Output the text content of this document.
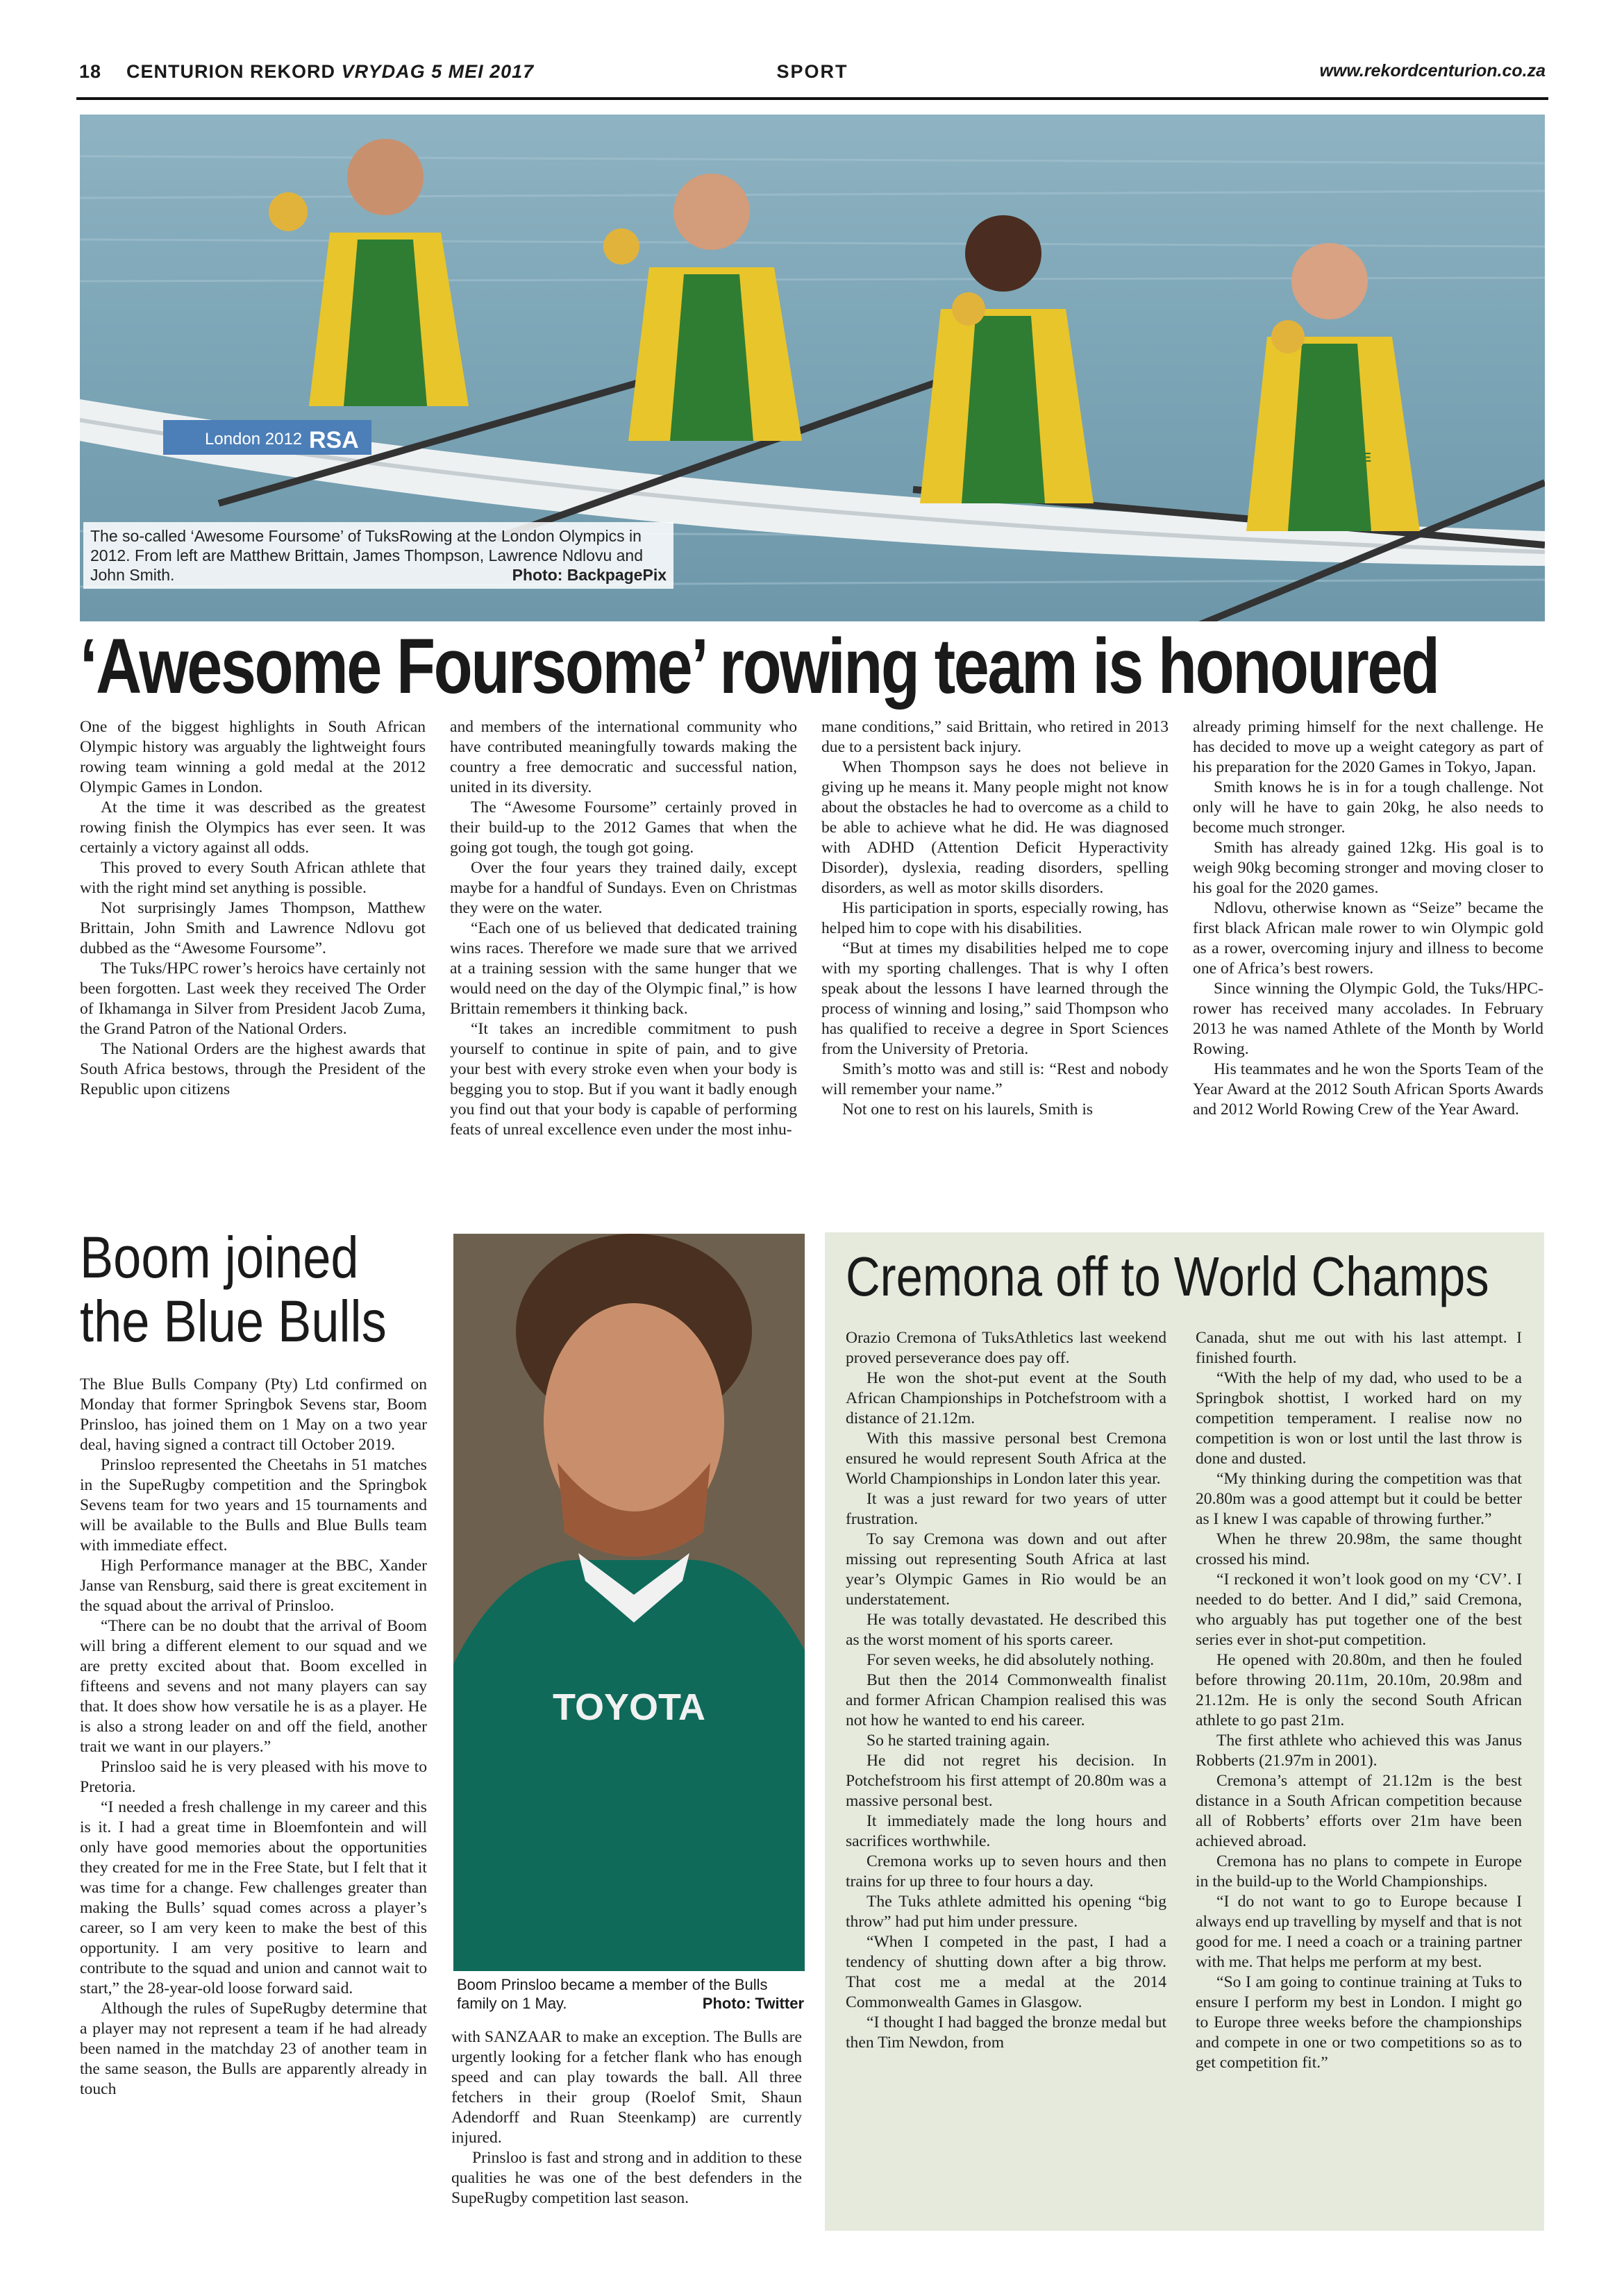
18 CENTURION REKORD VRYDAG 5 MEI 2017	SPORT	www.rekordcenturion.co.za
London 2012 RSA
ERKE
ERKE
ERKE
ERKE
The so-called ‘Awesome Foursome’ of TuksRowing at the London Olympics in 2012. From left are Matthew Brittain, James Thompson, Lawrence Ndlovu and John Smith.	Photo: BackpagePix
‘Awesome Foursome’ rowing team is honoured

One of the biggest highlights in South African Olympic history was arguably the lightweight fours rowing team winning a gold medal at the 2012 Olympic Games in London.

At the time it was described as the greatest rowing finish the Olympics has ever seen. It was certainly a victory against all odds.

This proved to every South African athlete that with the right mind set anything is possible.

Not surprisingly James Thompson, Matthew Brittain, John Smith and Lawrence Ndlovu got dubbed as the “Awesome Foursome”.

The Tuks/HPC rower’s heroics have certainly not been forgotten. Last week they received The Order of Ikhamanga in Silver from President Jacob Zuma, the Grand Patron of the National Orders.

The National Orders are the highest awards that South Africa bestows, through the President of the Republic upon citizens

and members of the international community who have contributed meaningfully towards making the country a free democratic and successful nation, united in its diversity.

The “Awesome Foursome” certainly proved in their build-up to the 2012 Games that when the going got tough, the tough got going.

Over the four years they trained daily, except maybe for a handful of Sundays. Even on Christmas they were on the water.

“Each one of us believed that dedicated training wins races. Therefore we made sure that we arrived at a training session with the same hunger that we would need on the day of the Olympic final,” is how Brittain remembers it thinking back.

“It takes an incredible commitment to push yourself to continue in spite of pain, and to give your best with every stroke even when your body is begging you to stop. But if you want it badly enough you find out that your body is capable of performing feats of unreal excellence even under the most inhu-

mane conditions,” said Brittain, who retired in 2013 due to a persistent back injury.

When Thompson says he does not believe in giving up he means it. Many people might not know about the obstacles he had to overcome as a child to be able to achieve what he did. He was diagnosed with ADHD (Attention Deficit Hyperactivity Disorder), dyslexia, reading disorders, spelling disorders, as well as motor skills disorders.

His participation in sports, especially rowing, has helped him to cope with his disabilities.

“But at times my disabilities helped me to cope with my sporting challenges. That is why I often speak about the lessons I have learned through the process of winning and losing,” said Thompson who has qualified to receive a degree in Sport Sciences from the University of Pretoria.

Smith’s motto was and still is: “Rest and nobody will remember your name.”

Not one to rest on his laurels, Smith is

already priming himself for the next challenge. He has decided to move up a weight category as part of his preparation for the 2020 Games in Tokyo, Japan.

Smith knows he is in for a tough challenge. Not only will he have to gain 20kg, he also needs to become much stronger.

Smith has already gained 12kg. His goal is to weigh 90kg becoming stronger and moving closer to his goal for the 2020 games.

Ndlovu, otherwise known as “Seize” became the first black African male rower to win Olympic gold as a rower, overcoming injury and illness to become one of Africa’s best rowers.

Since winning the Olympic Gold, the Tuks/HPC-rower has received many accolades. In February 2013 he was named Athlete of the Month by World Rowing.

His teammates and he won the Sports Team of the Year Award at the 2012 South African Sports Awards and 2012 World Rowing Crew of the Year Award.

Boom joined
the Blue Bulls
TOYOTA
Boom Prinsloo became a member of the Bulls family on 1 May.	Photo: Twitter

The Blue Bulls Company (Pty) Ltd confirmed on Monday that former Springbok Sevens star, Boom Prinsloo, has joined them on 1 May on a two year deal, having signed a contract till October 2019.

Prinsloo represented the Cheetahs in 51 matches in the SupeRugby competition and the Springbok Sevens team for two years and 15 tournaments and will be available to the Bulls and Blue Bulls team with immediate effect.

High Performance manager at the BBC, Xander Janse van Rensburg, said there is great excitement in the squad about the arrival of Prinsloo.

“There can be no doubt that the arrival of Boom will bring a different element to our squad and we are pretty excited about that. Boom excelled in fifteens and sevens and not many players can say that. It does show how versatile he is as a player. He is also a strong leader on and off the field, another trait we want in our players.”

Prinsloo said he is very pleased with his move to Pretoria.

“I needed a fresh challenge in my career and this is it. I had a great time in Bloemfontein and will only have good memories about the opportunities they created for me in the Free State, but I felt that it was time for a change. Few challenges greater than making the Bulls’ squad comes across a player’s career, so I am very keen to make the best of this opportunity. I am very positive to learn and contribute to the squad and union and cannot wait to start,” the 28-year-old loose forward said.

Although the rules of SupeRugby determine that a player may not represent a team if he had already been named in the matchday 23 of another team in the same season, the Bulls are apparently already in touch

with SANZAAR to make an exception. The Bulls are urgently looking for a fetcher flank who has enough speed and can play towards the ball. All three fetchers in their group (Roelof Smit, Shaun Adendorff and Ruan Steenkamp) are currently injured.

Prinsloo is fast and strong and in addition to these qualities he was one of the best defenders in the SupeRugby competition last season.

Cremona off to World Champs

Orazio Cremona of TuksAthletics last weekend proved perseverance does pay off.

He won the shot-put event at the South African Championships in Potchefstroom with a distance of 21.12m.

With this massive personal best Cremona ensured he would represent South Africa at the World Championships in London later this year.

It was a just reward for two years of utter frustration.

To say Cremona was down and out after missing out representing South Africa at last year’s Olympic Games in Rio would be an understatement.

He was totally devastated. He described this as the worst moment of his sports career.

For seven weeks, he did absolutely nothing.

But then the 2014 Commonwealth finalist and former African Champion realised this was not how he wanted to end his career.

So he started training again.

He did not regret his decision. In Potchefstroom his first attempt of 20.80m was a massive personal best.

It immediately made the long hours and sacrifices worthwhile.

Cremona works up to seven hours and then trains for up three to four hours a day.

The Tuks athlete admitted his opening “big throw” had put him under pressure.

“When I competed in the past, I had a tendency of shutting down after a big throw. That cost me a medal at the 2014 Commonwealth Games in Glasgow.

“I thought I had bagged the bronze medal but then Tim Newdon, from

Canada, shut me out with his last attempt. I finished fourth.

“With the help of my dad, who used to be a Springbok shottist, I worked hard on my competition temperament. I realise now no competition is won or lost until the last throw is done and dusted.

“My thinking during the competition was that 20.80m was a good attempt but it could be better as I knew I was capable of throwing further.”

When he threw 20.98m, the same thought crossed his mind.

“I reckoned it won’t look good on my ‘CV’. I needed to do better. And I did,” said Cremona, who arguably has put together one of the best series ever in shot-put competition.

He opened with 20.80m, and then he fouled before throwing 20.11m, 20.10m, 20.98m and 21.12m. He is only the second South African athlete to go past 21m.

The first athlete who achieved this was Janus Robberts (21.97m in 2001).

Cremona’s attempt of 21.12m is the best distance in a South African competition because all of Robberts’ efforts over 21m have been achieved abroad.

Cremona has no plans to compete in Europe in the build-up to the World Championships.

“I do not want to go to Europe because I always end up travelling by myself and that is not good for me. I need a coach or a training partner with me. That helps me perform at my best.

“So I am going to continue training at Tuks to ensure I perform my best in London. I might go to Europe three weeks before the championships and compete in one or two competitions so as to get competition fit.”
